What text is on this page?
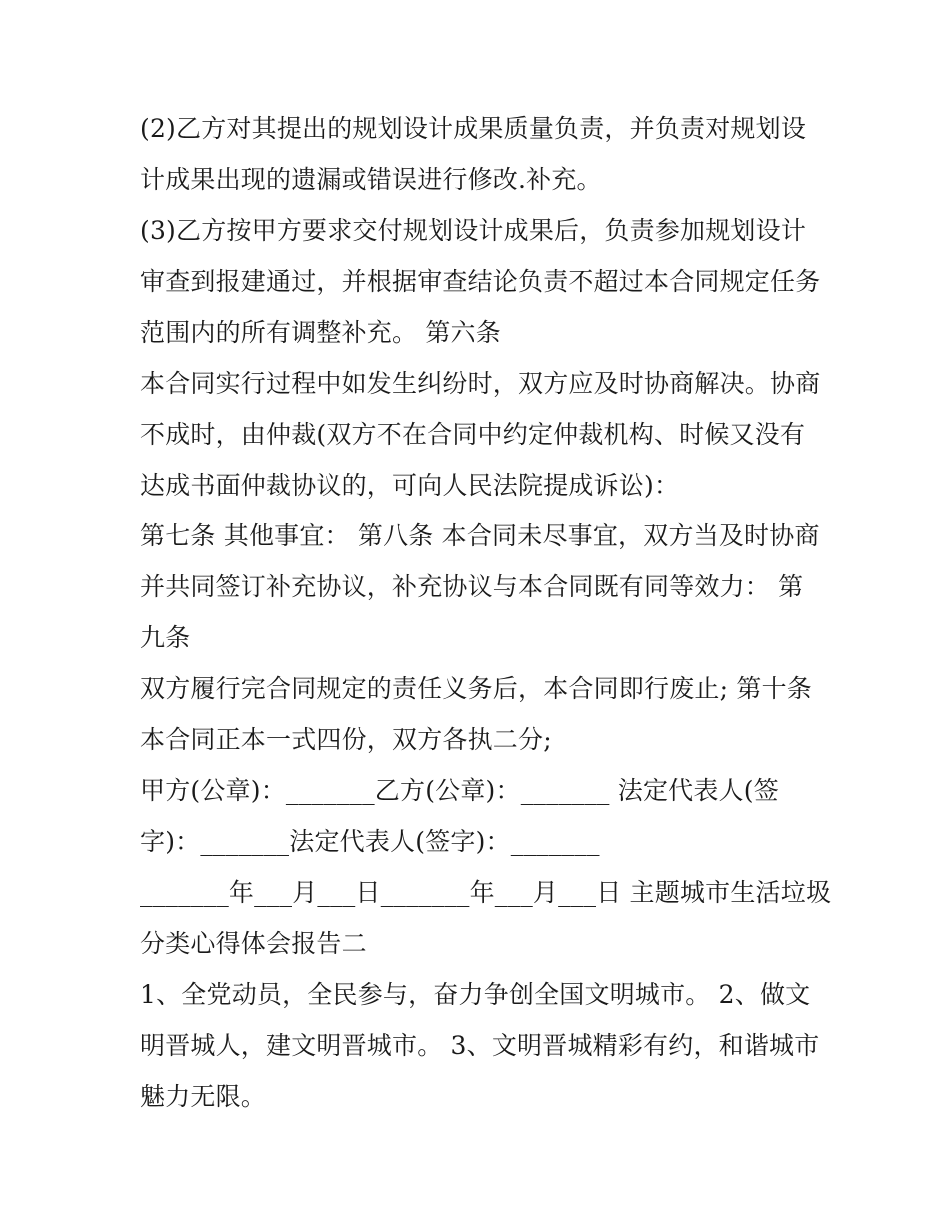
(2)乙方对其提出的规划设计成果质量负责，并负责对规划设
计成果出现的遗漏或错误进行修改.补充。
(3)乙方按甲方要求交付规划设计成果后，负责参加规划设计
审查到报建通过，并根据审查结论负责不超过本合同规定任务
范围内的所有调整补充。 第六条
本合同实行过程中如发生纠纷时，双方应及时协商解决。协商
不成时，由仲裁(双方不在合同中约定仲裁机构、时候又没有
达成书面仲裁协议的，可向人民法院提成诉讼)：
第七条 其他事宜： 第八条 本合同未尽事宜，双方当及时协商
并共同签订补充协议，补充协议与本合同既有同等效力： 第
九条
双方履行完合同规定的责任义务后，本合同即行废止; 第十条
本合同正本一式四份，双方各执二分;
甲方(公章)：_______乙方(公章)：_______ 法定代表人(签
字)：_______法定代表人(签字)：_______
_______年___月___日_______年___月___日 主题城市生活垃圾
分类心得体会报告二
1、全党动员，全民参与，奋力争创全国文明城市。 2、做文
明晋城人，建文明晋城市。 3、文明晋城精彩有约，和谐城市
魅力无限。
